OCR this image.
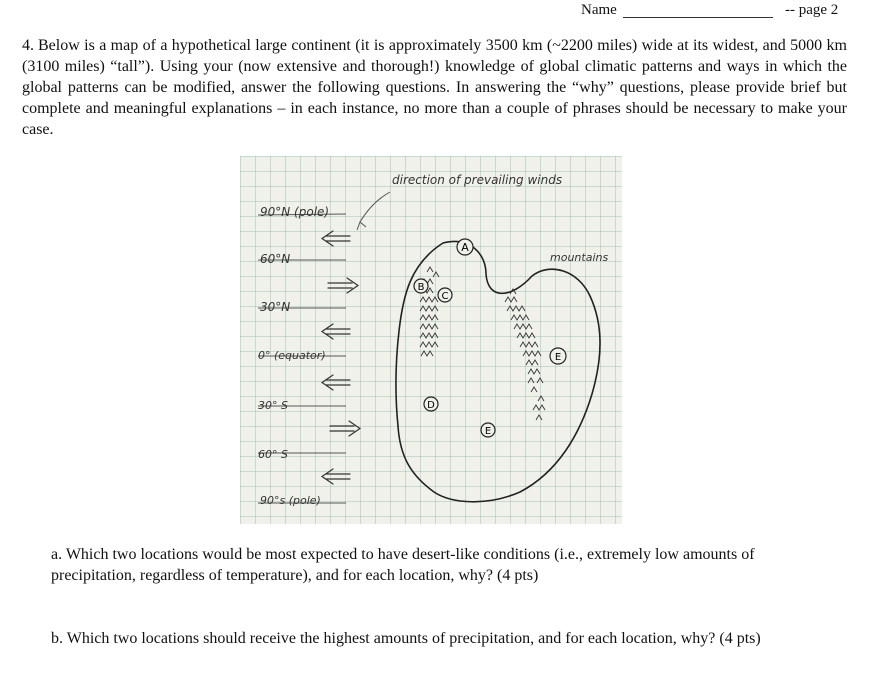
Name	-- page 2

4. Below is a map of a hypothetical large continent (it is approximately 3500 km (~2200 miles) wide at its widest, and 5000 km (3100 miles) “tall”). Using your (now extensive and thorough!) knowledge of global climatic patterns and ways in which the global patterns can be modified, answer the following questions. In answering the “why” questions, please provide brief but complete and meaningful explanations – in each instance, no more than a couple of phrases should be necessary to make your case.

90°N (pole)
60°N
30°N
0° (equator)
30° S
60° S
90°s (pole)
direction of prevailing winds
mountains
A
B
C
D
E
E

a. Which two locations would be most expected to have desert-like conditions (i.e., extremely low amounts of precipitation, regardless of temperature), and for each location, why? (4 pts)

b. Which two locations should receive the highest amounts of precipitation, and for each location, why? (4 pts)
